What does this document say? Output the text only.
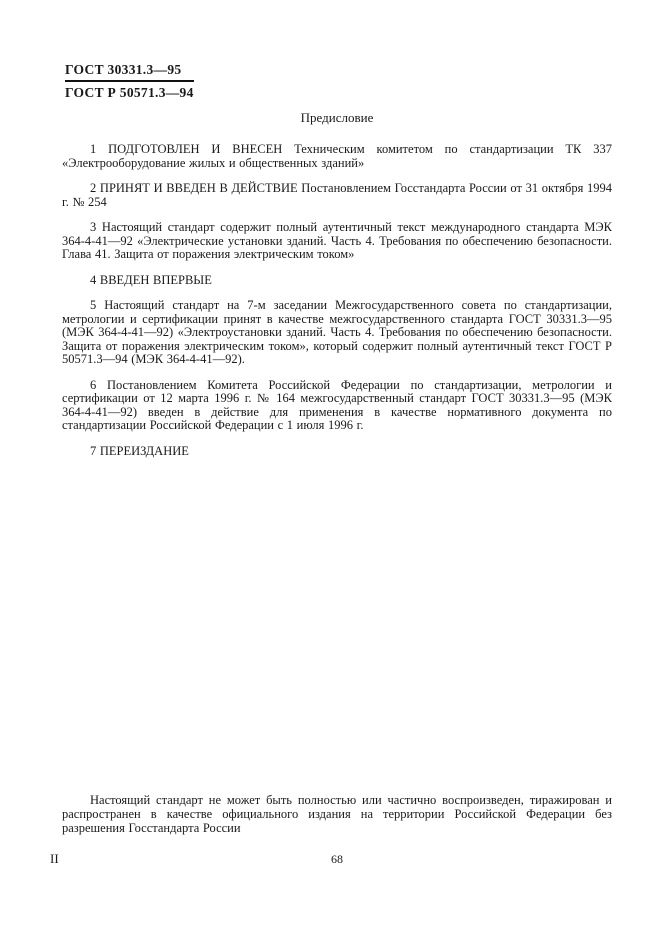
ГОСТ 30331.3—95
ГОСТ Р 50571.3—94
Предисловие

1 ПОДГОТОВЛЕН И ВНЕСЕН Техническим комитетом по стандартизации ТК 337 «Электрооборудование жилых и общественных зданий»

2 ПРИНЯТ И ВВЕДЕН В ДЕЙСТВИЕ Постановлением Госстандарта России от 31 октября 1994 г. № 254

3 Настоящий стандарт содержит полный аутентичный текст международного стандарта МЭК 364-4-41—92 «Электрические установки зданий. Часть 4. Требования по обеспечению безопасности. Глава 41. Защита от поражения электрическим током»

4 ВВЕДЕН ВПЕРВЫЕ

5 Настоящий стандарт на 7-м заседании Межгосударственного совета по стандартизации, метрологии и сертификации принят в качестве межгосударственного стандарта ГОСТ 30331.3—95 (МЭК 364-4-41—92) «Электроустановки зданий. Часть 4. Требования по обеспечению безопасности. Защита от поражения электрическим током», который содержит полный аутентичный текст ГОСТ Р 50571.3—94 (МЭК 364-4-41—92).

6 Постановлением Комитета Российской Федерации по стандартизации, метрологии и сертификации от 12 марта 1996 г. № 164 межгосударственный стандарт ГОСТ 30331.3—95 (МЭК 364-4-41—92) введен в действие для применения в качестве нормативного документа по стандартизации Российской Федерации с 1 июля 1996 г.

7 ПЕРЕИЗДАНИЕ

Настоящий стандарт не может быть полностью или частично воспроизведен, тиражирован и распространен в качестве официального издания на территории Российской Федерации без разрешения Госстандарта России

II	68
